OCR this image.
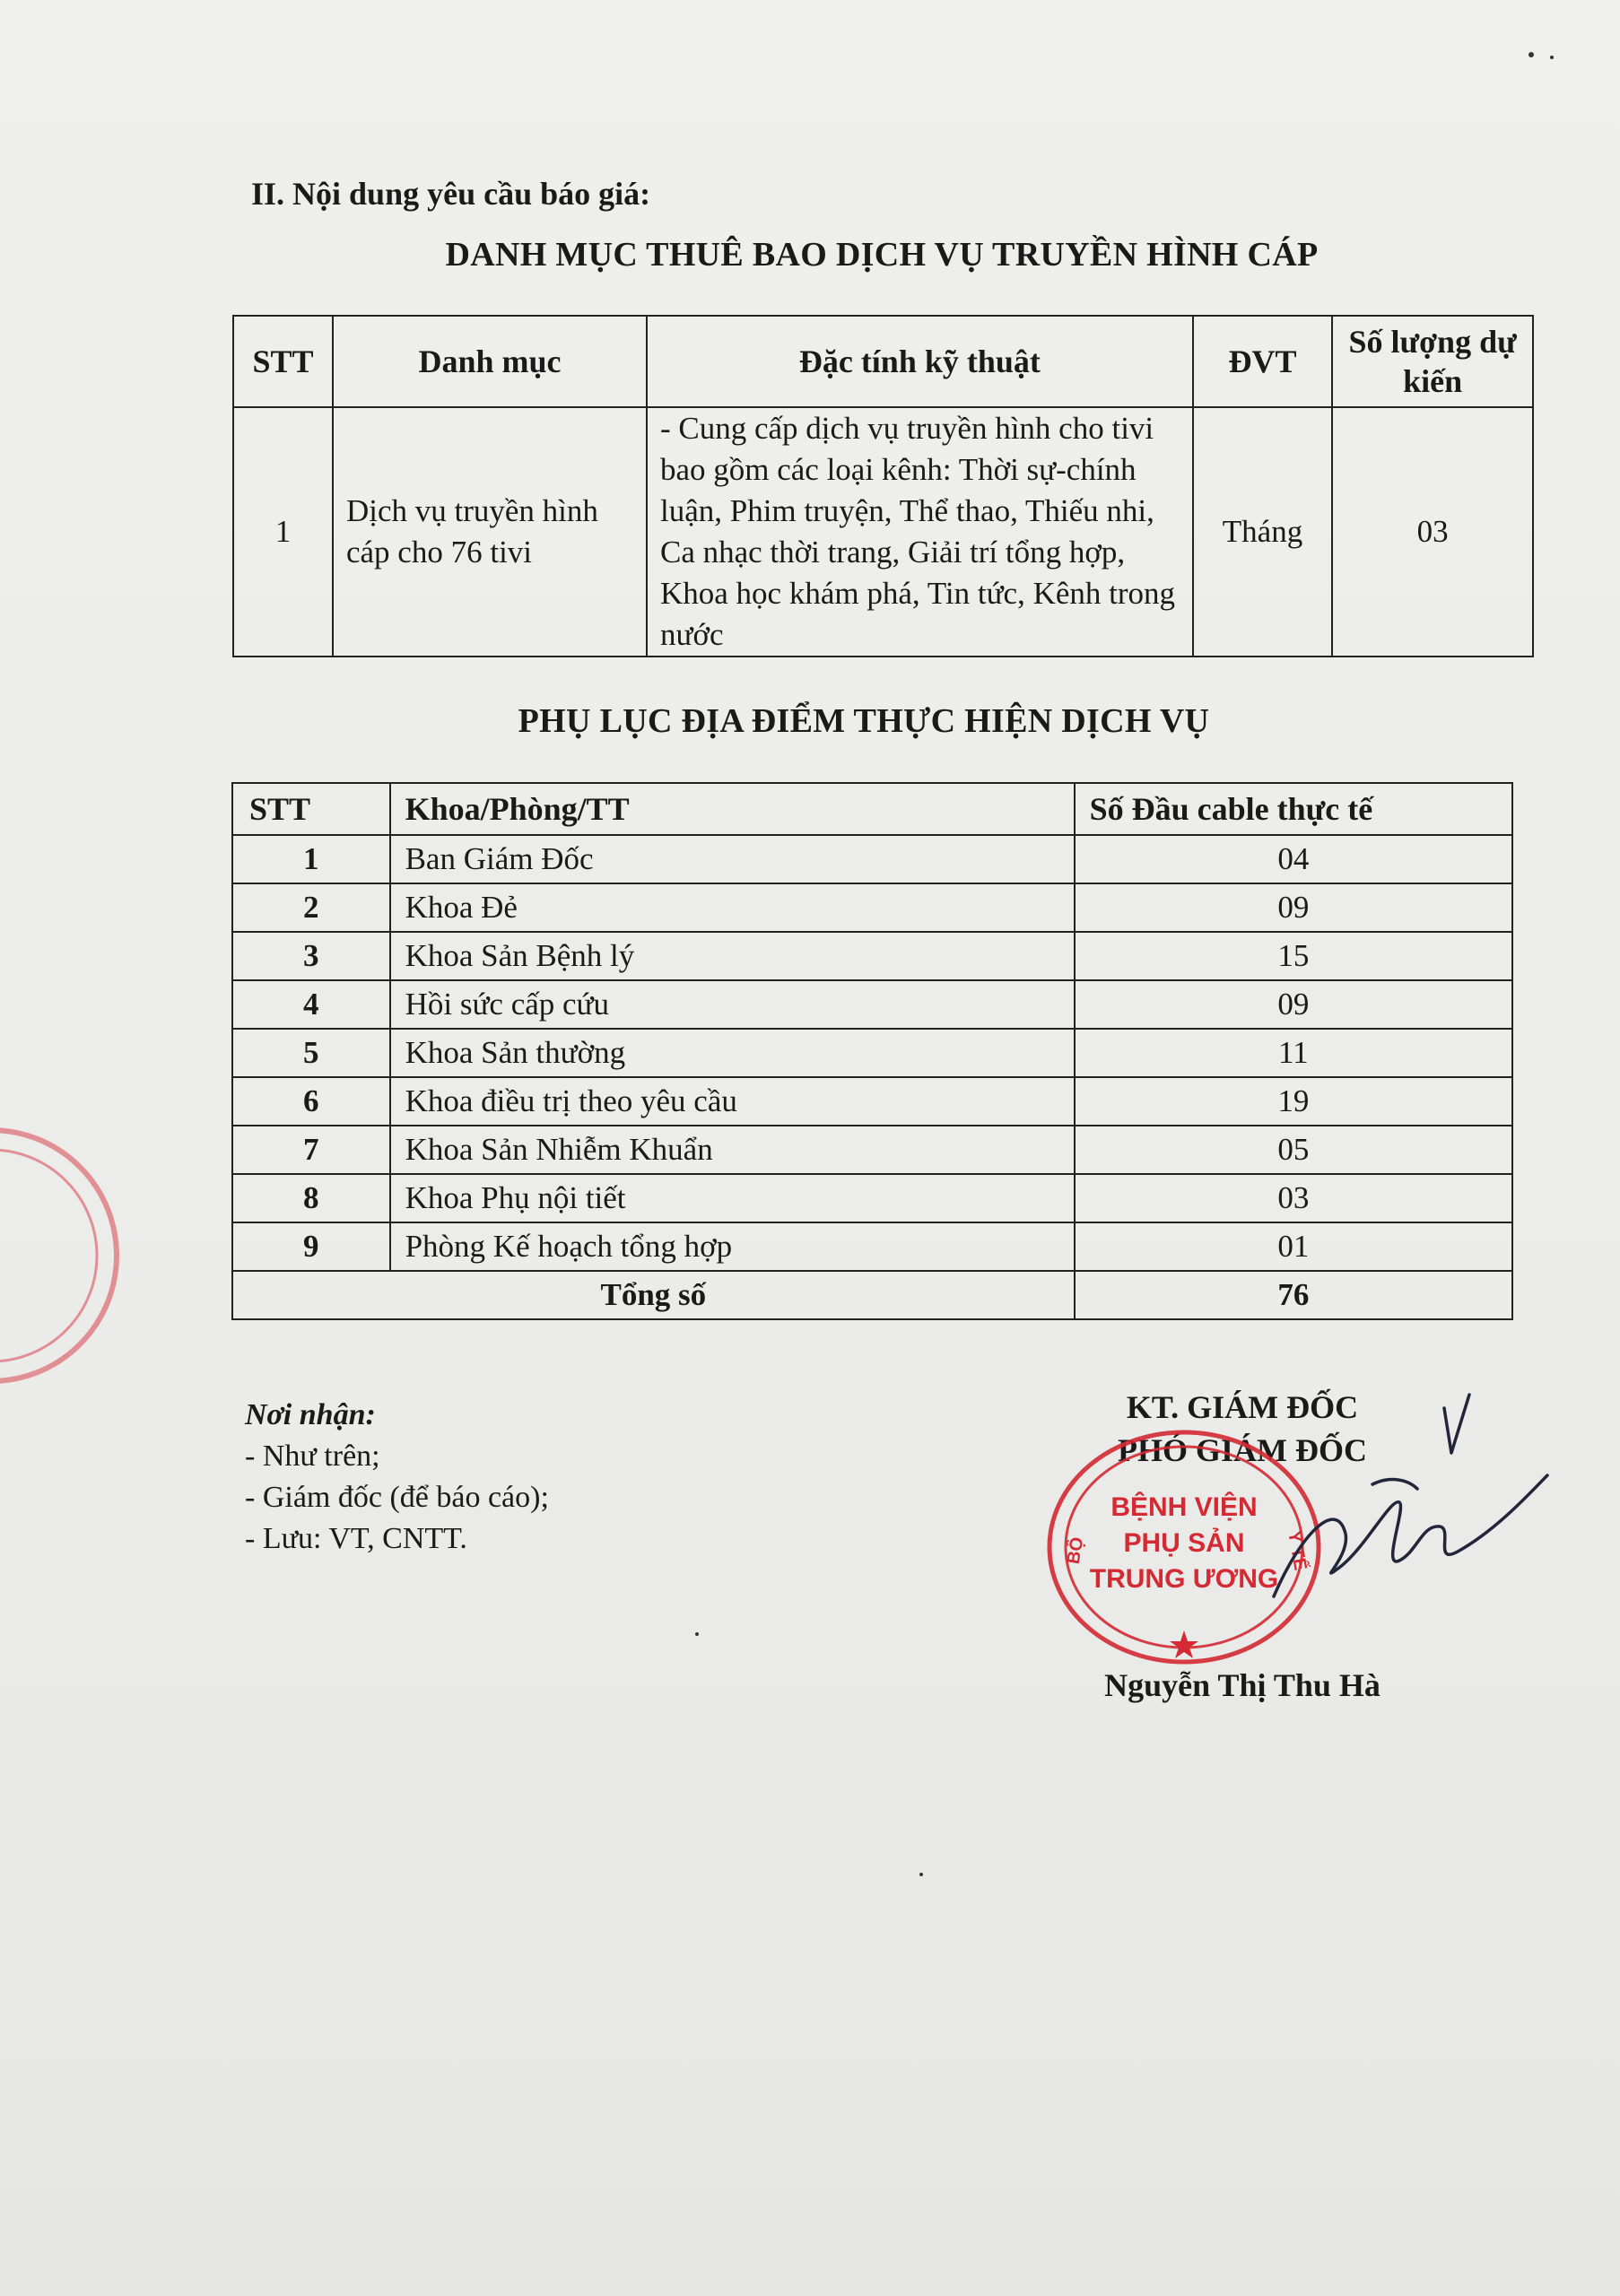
II. Nội dung yêu cầu báo giá:
DANH MỤC THUÊ BAO DỊCH VỤ TRUYỀN HÌNH CÁP
STT	Danh mục	Đặc tính kỹ thuật	ĐVT	Số lượng dự kiến
1	Dịch vụ truyền hình cáp cho 76 tivi	- Cung cấp dịch vụ truyền hình cho tivi bao gồm các loại kênh: Thời sự-chính luận, Phim truyện, Thể thao, Thiếu nhi, Ca nhạc thời trang, Giải trí tổng hợp, Khoa học khám phá, Tin tức, Kênh trong nước	Tháng	03
PHỤ LỤC ĐỊA ĐIỂM THỰC HIỆN DỊCH VỤ
STT	Khoa/Phòng/TT	Số Đầu cable thực tế
1	Ban Giám Đốc	04
2	Khoa Đẻ	09
3	Khoa Sản Bệnh lý	15
4	Hồi sức cấp cứu	09
5	Khoa Sản thường	11
6	Khoa điều trị theo yêu cầu	19
7	Khoa Sản Nhiễm Khuẩn	05
8	Khoa Phụ nội tiết	03
9	Phòng Kế hoạch tổng hợp	01
Tổng số		76
Nơi nhận:
- Như trên;
- Giám đốc (để báo cáo);
- Lưu: VT, CNTT.
KT. GIÁM ĐỐC
PHÓ GIÁM ĐỐC
BỆNH VIỆN
PHỤ SẢN
TRUNG ƯƠNG
BỘ	Y TẾ
Nguyễn Thị Thu Hà
